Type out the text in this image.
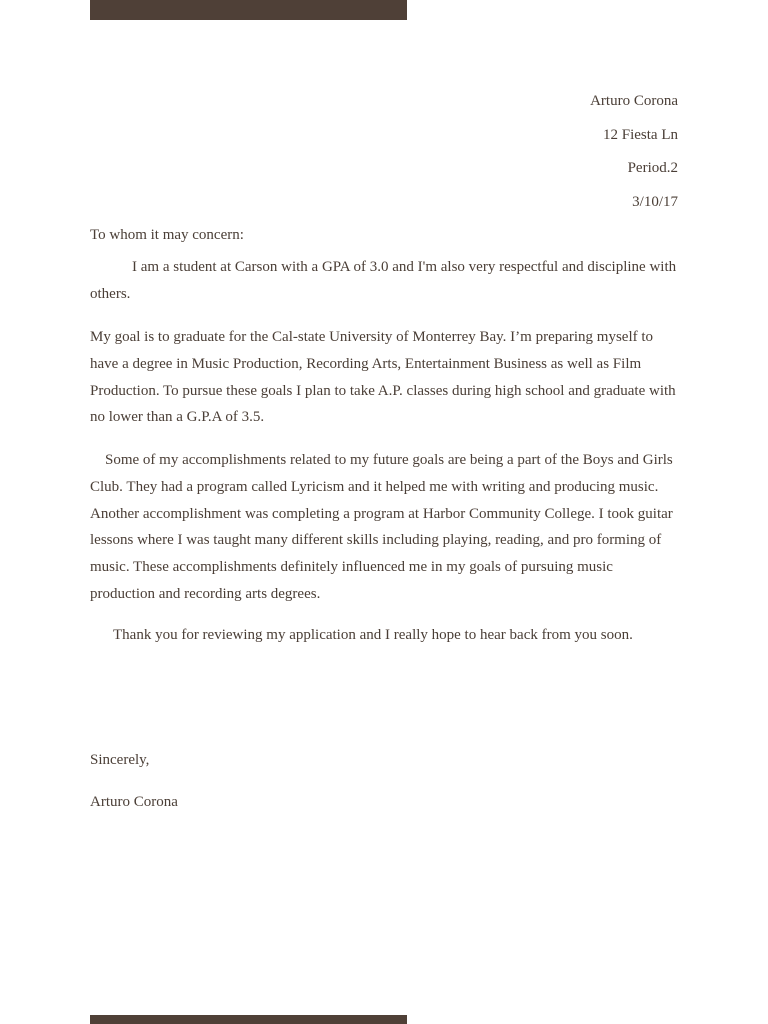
Arturo Corona
12 Fiesta Ln
Period.2
3/10/17
To whom it may concern:

I am a student at Carson with a GPA of 3.0 and I'm also very respectful and discipline with others.

My goal is to graduate for the Cal-state University of Monterrey Bay. I’m preparing myself to have a degree in Music Production, Recording Arts, Entertainment Business as well as Film Production. To pursue these goals I plan to take A.P. classes during high school and graduate with no lower than a G.P.A of 3.5.

Some of my accomplishments related to my future goals are being a part of the Boys and Girls Club. They had a program called Lyricism and it helped me with writing and producing music. Another accomplishment was completing a program at Harbor Community College. I took guitar lessons where I was taught many different skills including playing, reading, and pro forming of music. These accomplishments definitely influenced me in my goals of pursuing music production and recording arts degrees.

Thank you for reviewing my application and I really hope to hear back from you soon.

Sincerely,
Arturo Corona
